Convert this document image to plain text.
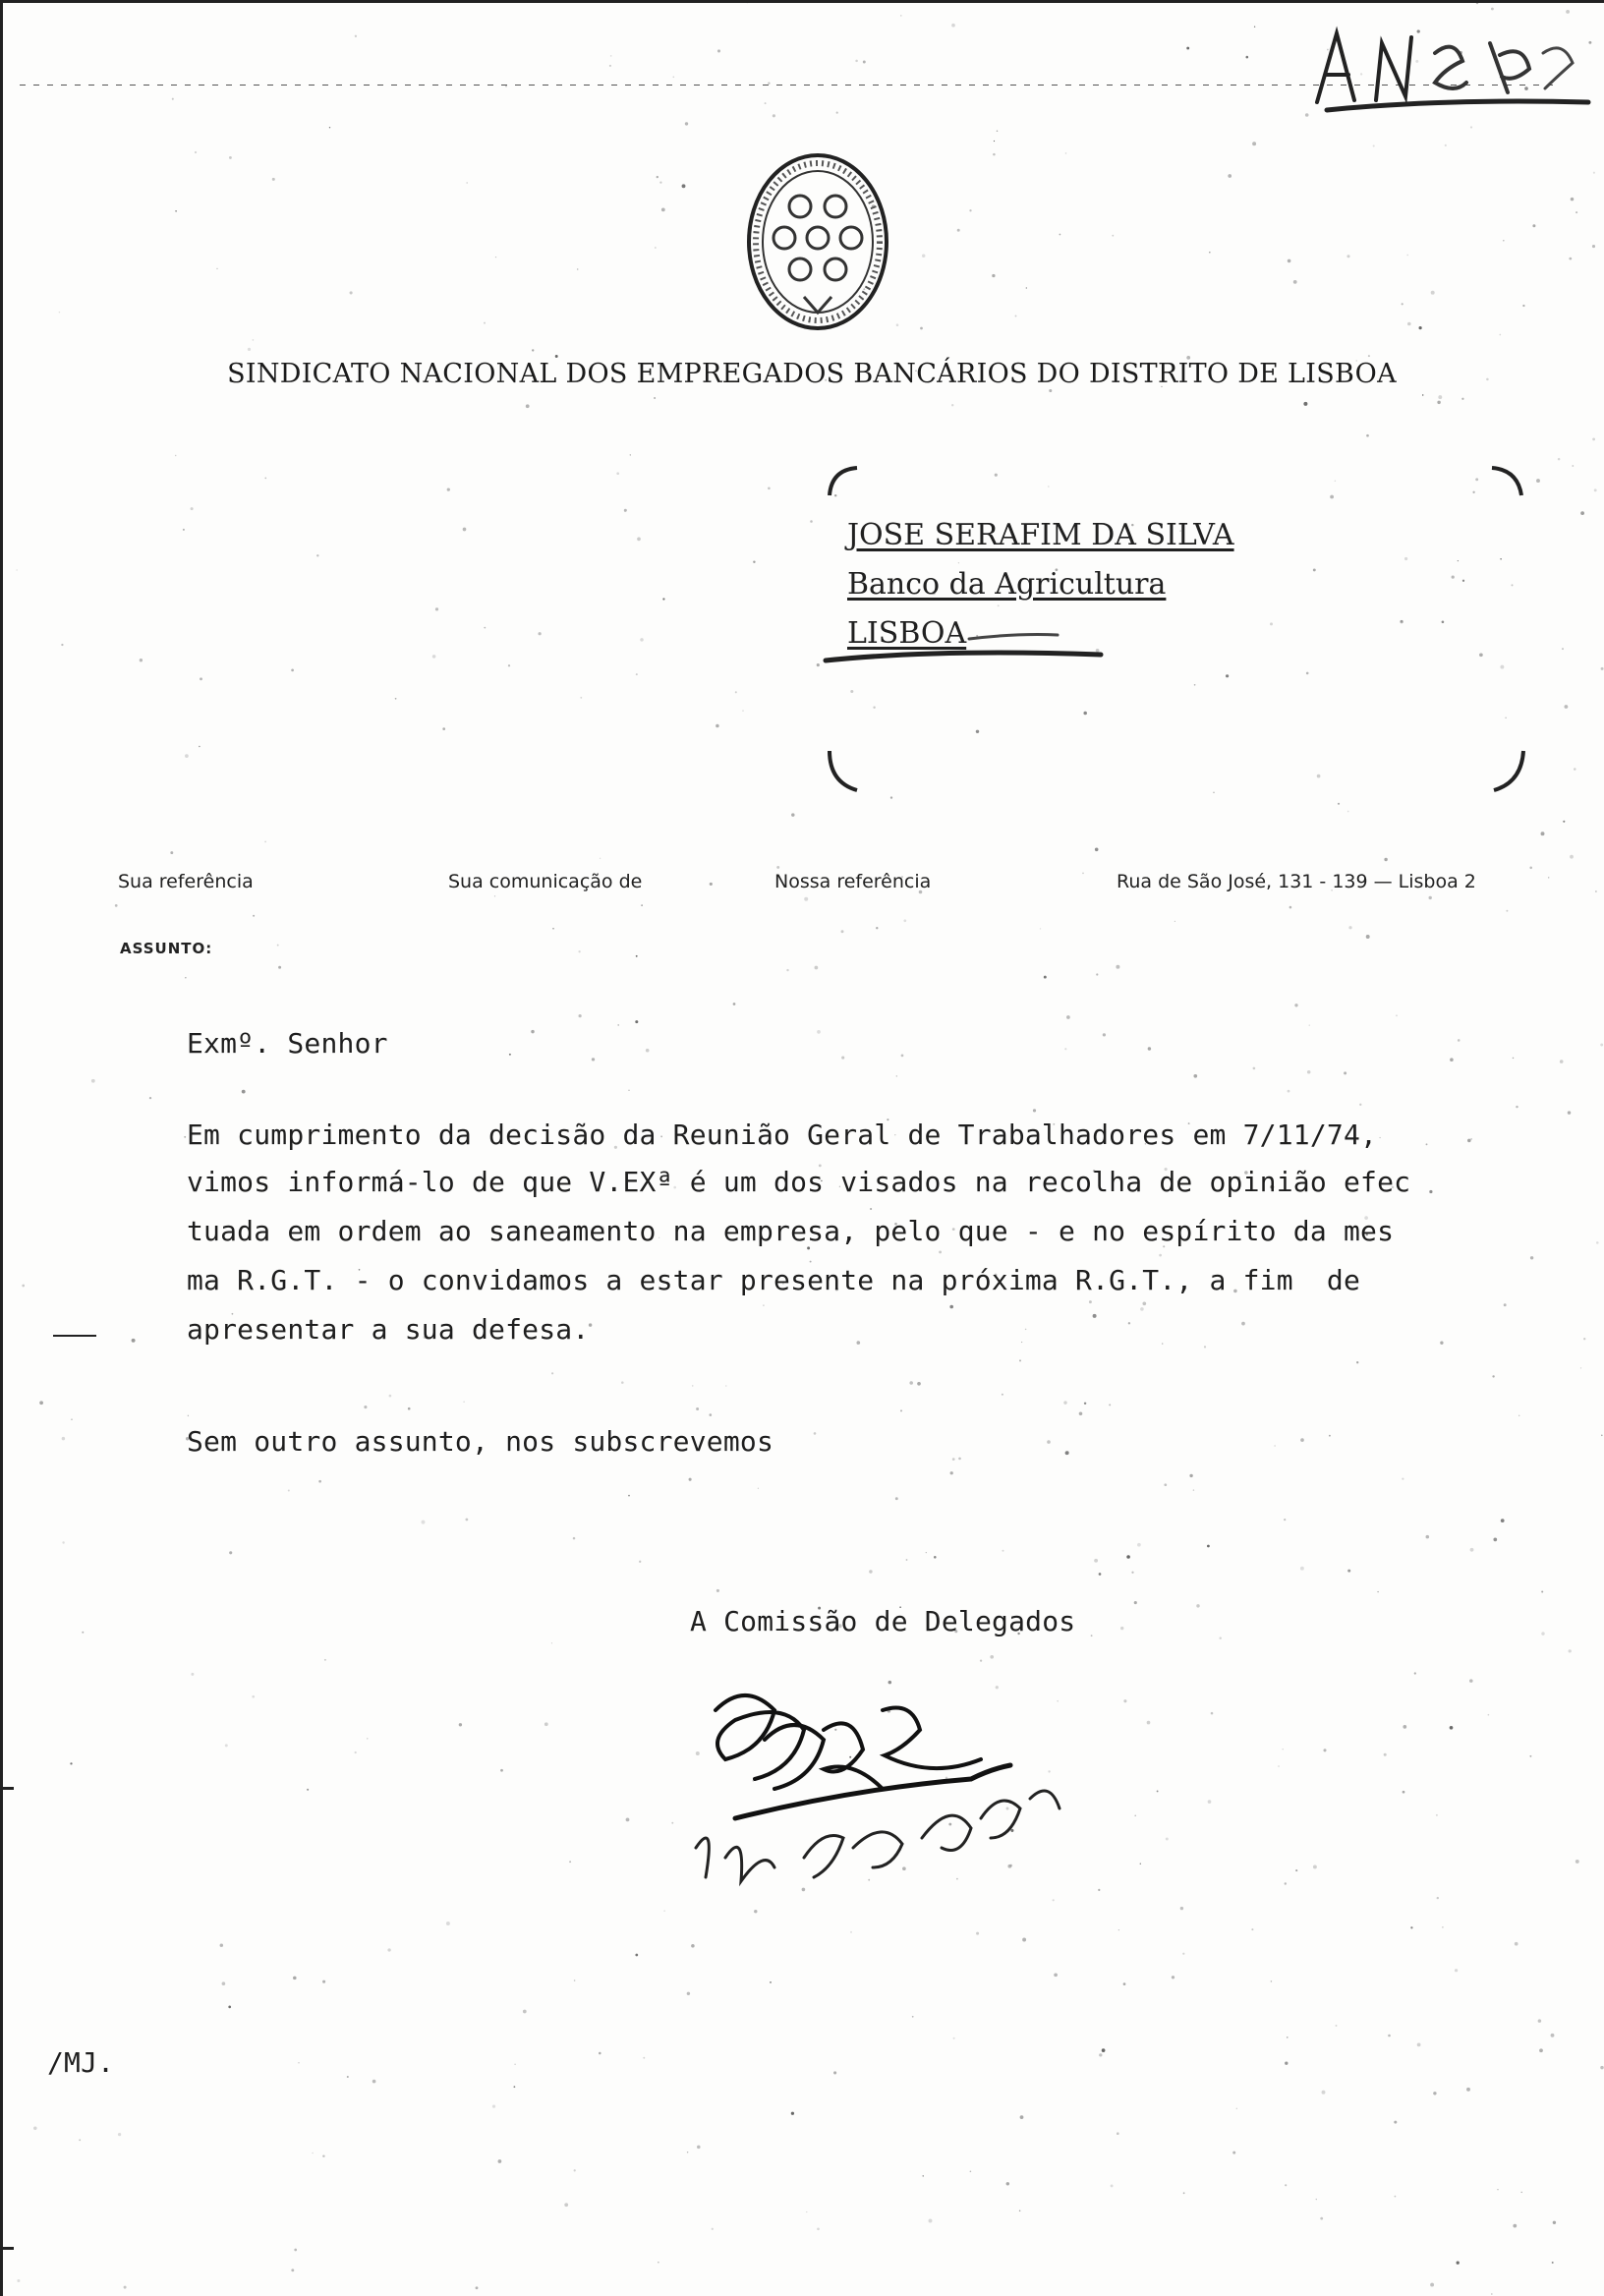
SINDICATO NACIONAL DOS EMPREGADOS BANCÁRIOS DO DISTRITO DE LISBOA
JOSE SERAFIM DA SILVA
Banco da Agricultura
LISBOA
Sua referência	Sua comunicação de	Nossa referência	Rua de São José, 131 - 139 — Lisboa 2
ASSUNTO:
Exmº. Senhor
Em cumprimento da decisão da Reunião Geral de Trabalhadores em 7/11/74,
vimos informá-lo de que V.EXª é um dos visados na recolha de opinião efec
tuada em ordem ao saneamento na empresa, pelo que - e no espírito da mes
ma R.G.T. - o convidamos a estar presente na próxima R.G.T., a fim  de
apresentar a sua defesa.
Sem outro assunto, nos subscrevemos
A Comissão de Delegados
/MJ.
